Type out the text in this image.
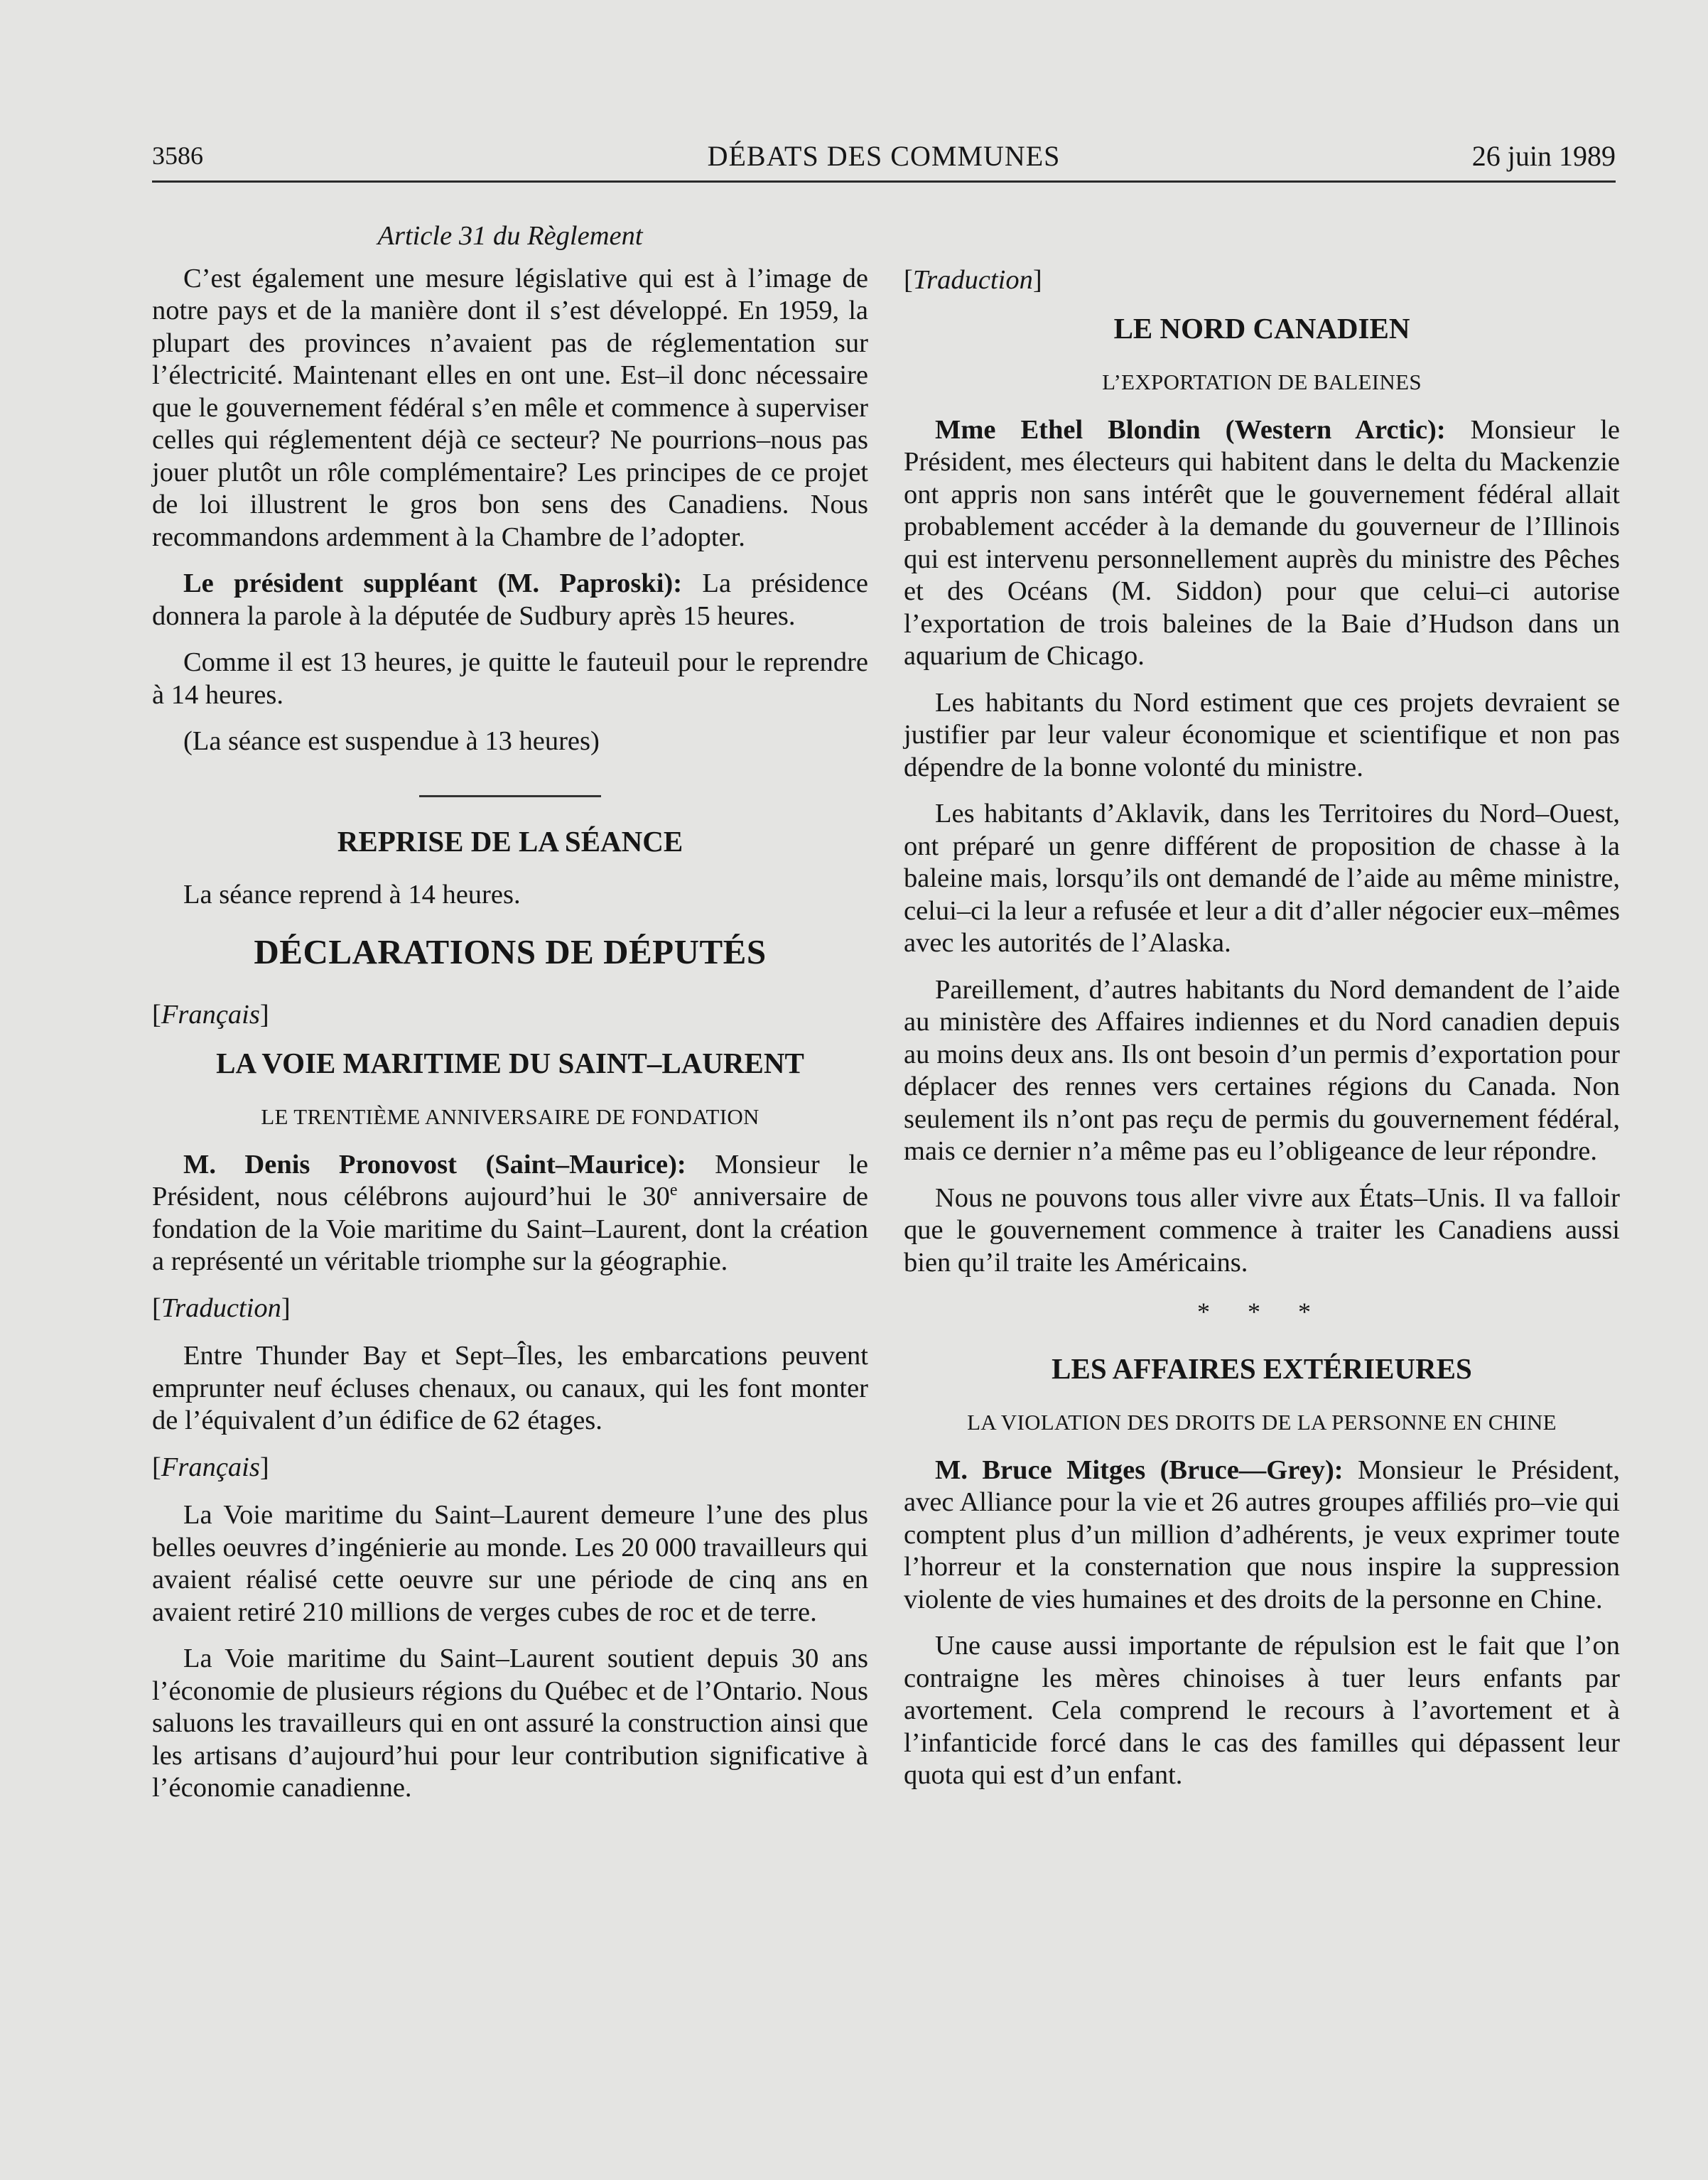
3586	DÉBATS DES COMMUNES	26 juin 1989
Article 31 du Règlement

C’est également une mesure législative qui est à l’image de notre pays et de la manière dont il s’est développé. En 1959, la plupart des provinces n’avaient pas de réglementation sur l’électricité. Maintenant elles en ont une. Est–il donc nécessaire que le gouvernement fédéral s’en mêle et commence à superviser celles qui réglementent déjà ce secteur? Ne pourrions–nous pas jouer plutôt un rôle complémentaire? Les principes de ce projet de loi illustrent le gros bon sens des Canadiens. Nous recommandons ardemment à la Chambre de l’adopter.

Le président suppléant (M. Paproski): La présidence donnera la parole à la députée de Sudbury après 15 heures.

Comme il est 13 heures, je quitte le fauteuil pour le reprendre à 14 heures.

(La séance est suspendue à 13 heures)

REPRISE DE LA SÉANCE

La séance reprend à 14 heures.

DÉCLARATIONS DE DÉPUTÉS
[Français]
LA VOIE MARITIME DU SAINT–LAURENT
LE TRENTIÈME ANNIVERSAIRE DE FONDATION

M. Denis Pronovost (Saint–Maurice): Monsieur le Président, nous célébrons aujourd’hui le 30e anniversaire de fondation de la Voie maritime du Saint–Laurent, dont la création a représenté un véritable triomphe sur la géographie.

[Traduction]

Entre Thunder Bay et Sept–Îles, les embarcations peuvent emprunter neuf écluses chenaux, ou canaux, qui les font monter de l’équivalent d’un édifice de 62 étages.

[Français]

La Voie maritime du Saint–Laurent demeure l’une des plus belles oeuvres d’ingénierie au monde. Les 20 000 travailleurs qui avaient réalisé cette oeuvre sur une période de cinq ans en avaient retiré 210 millions de verges cubes de roc et de terre.

La Voie maritime du Saint–Laurent soutient depuis 30 ans l’économie de plusieurs régions du Québec et de l’Ontario. Nous saluons les travailleurs qui en ont assuré la construction ainsi que les artisans d’aujourd’hui pour leur contribution significative à l’économie canadienne.

[Traduction]
LE NORD CANADIEN
L’EXPORTATION DE BALEINES

Mme Ethel Blondin (Western Arctic): Monsieur le Président, mes électeurs qui habitent dans le delta du Mackenzie ont appris non sans intérêt que le gouvernement fédéral allait probablement accéder à la demande du gouverneur de l’Illinois qui est intervenu personnellement auprès du ministre des Pêches et des Océans (M. Siddon) pour que celui–ci autorise l’exportation de trois baleines de la Baie d’Hudson dans un aquarium de Chicago.

Les habitants du Nord estiment que ces projets devraient se justifier par leur valeur économique et scientifique et non pas dépendre de la bonne volonté du ministre.

Les habitants d’Aklavik, dans les Territoires du Nord–Ouest, ont préparé un genre différent de proposition de chasse à la baleine mais, lorsqu’ils ont demandé de l’aide au même ministre, celui–ci la leur a refusée et leur a dit d’aller négocier eux–mêmes avec les autorités de l’Alaska.

Pareillement, d’autres habitants du Nord demandent de l’aide au ministère des Affaires indiennes et du Nord canadien depuis au moins deux ans. Ils ont besoin d’un permis d’exportation pour déplacer des rennes vers certaines régions du Canada. Non seulement ils n’ont pas reçu de permis du gouvernement fédéral, mais ce dernier n’a même pas eu l’obligeance de leur répondre.

Nous ne pouvons tous aller vivre aux États–Unis. Il va falloir que le gouvernement commence à traiter les Canadiens aussi bien qu’il traite les Américains.

* * *
LES AFFAIRES EXTÉRIEURES
LA VIOLATION DES DROITS DE LA PERSONNE EN CHINE

M. Bruce Mitges (Bruce—Grey): Monsieur le Président, avec Alliance pour la vie et 26 autres groupes affiliés pro–vie qui comptent plus d’un million d’adhérents, je veux exprimer toute l’horreur et la consternation que nous inspire la suppression violente de vies humaines et des droits de la personne en Chine.

Une cause aussi importante de répulsion est le fait que l’on contraigne les mères chinoises à tuer leurs enfants par avortement. Cela comprend le recours à l’avortement et à l’infanticide forcé dans le cas des familles qui dépassent leur quota qui est d’un enfant.
